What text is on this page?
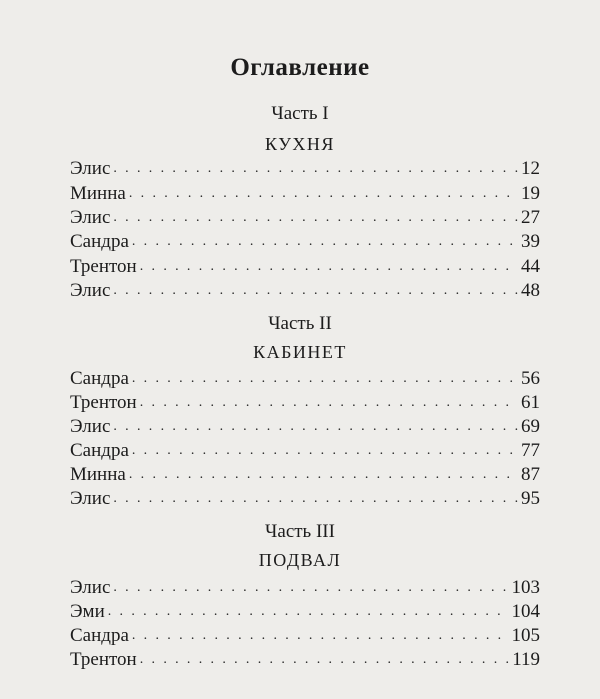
Оглавление
Часть I
КУХНЯ
Элис . . .	12
Минна . . .	19
Элис . . .	27
Сандра . . .	39
Трентон . . .	44
Элис . . .	48
Часть II
КАБИНЕТ
Сандра . . .	56
Трентон . . .	61
Элис . . .	69
Сандра . . .	77
Минна . . .	87
Элис . . .	95
Часть III
ПОДВАЛ
Элис . . .	103
Эми . . .	104
Сандра . . .	105
Трентон . . .	119
